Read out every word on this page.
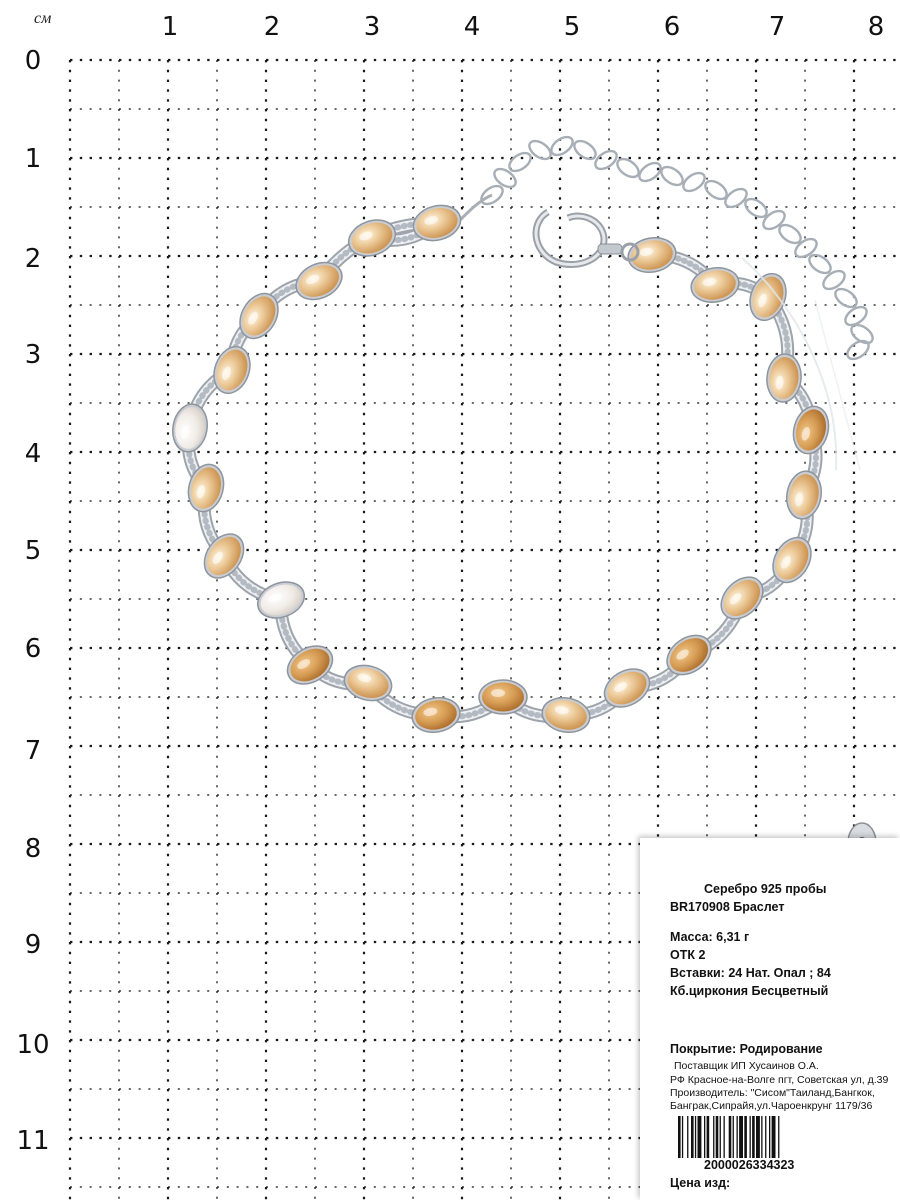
см	1	2	3	4	5	6	7	8
0
1
2
3
4
5
6
7
8
9
10
11
Серебро 925 пробы
BR170908 Браслет
Масса: 6,31 г
ОТК 2
Вставки: 24 Нат. Опал ; 84
Кб.циркония Бесцветный
Покрытие: Родирование
Поставщик ИП Хусаинов О.А.
РФ Красное-на-Волге пгт, Советская ул, д.39
Производитель: "Сисом"Таиланд,Бангкок,
Банграк,Сипрайя,ул.Чароенкрунг 1179/36
2000026334323
Цена изд:
